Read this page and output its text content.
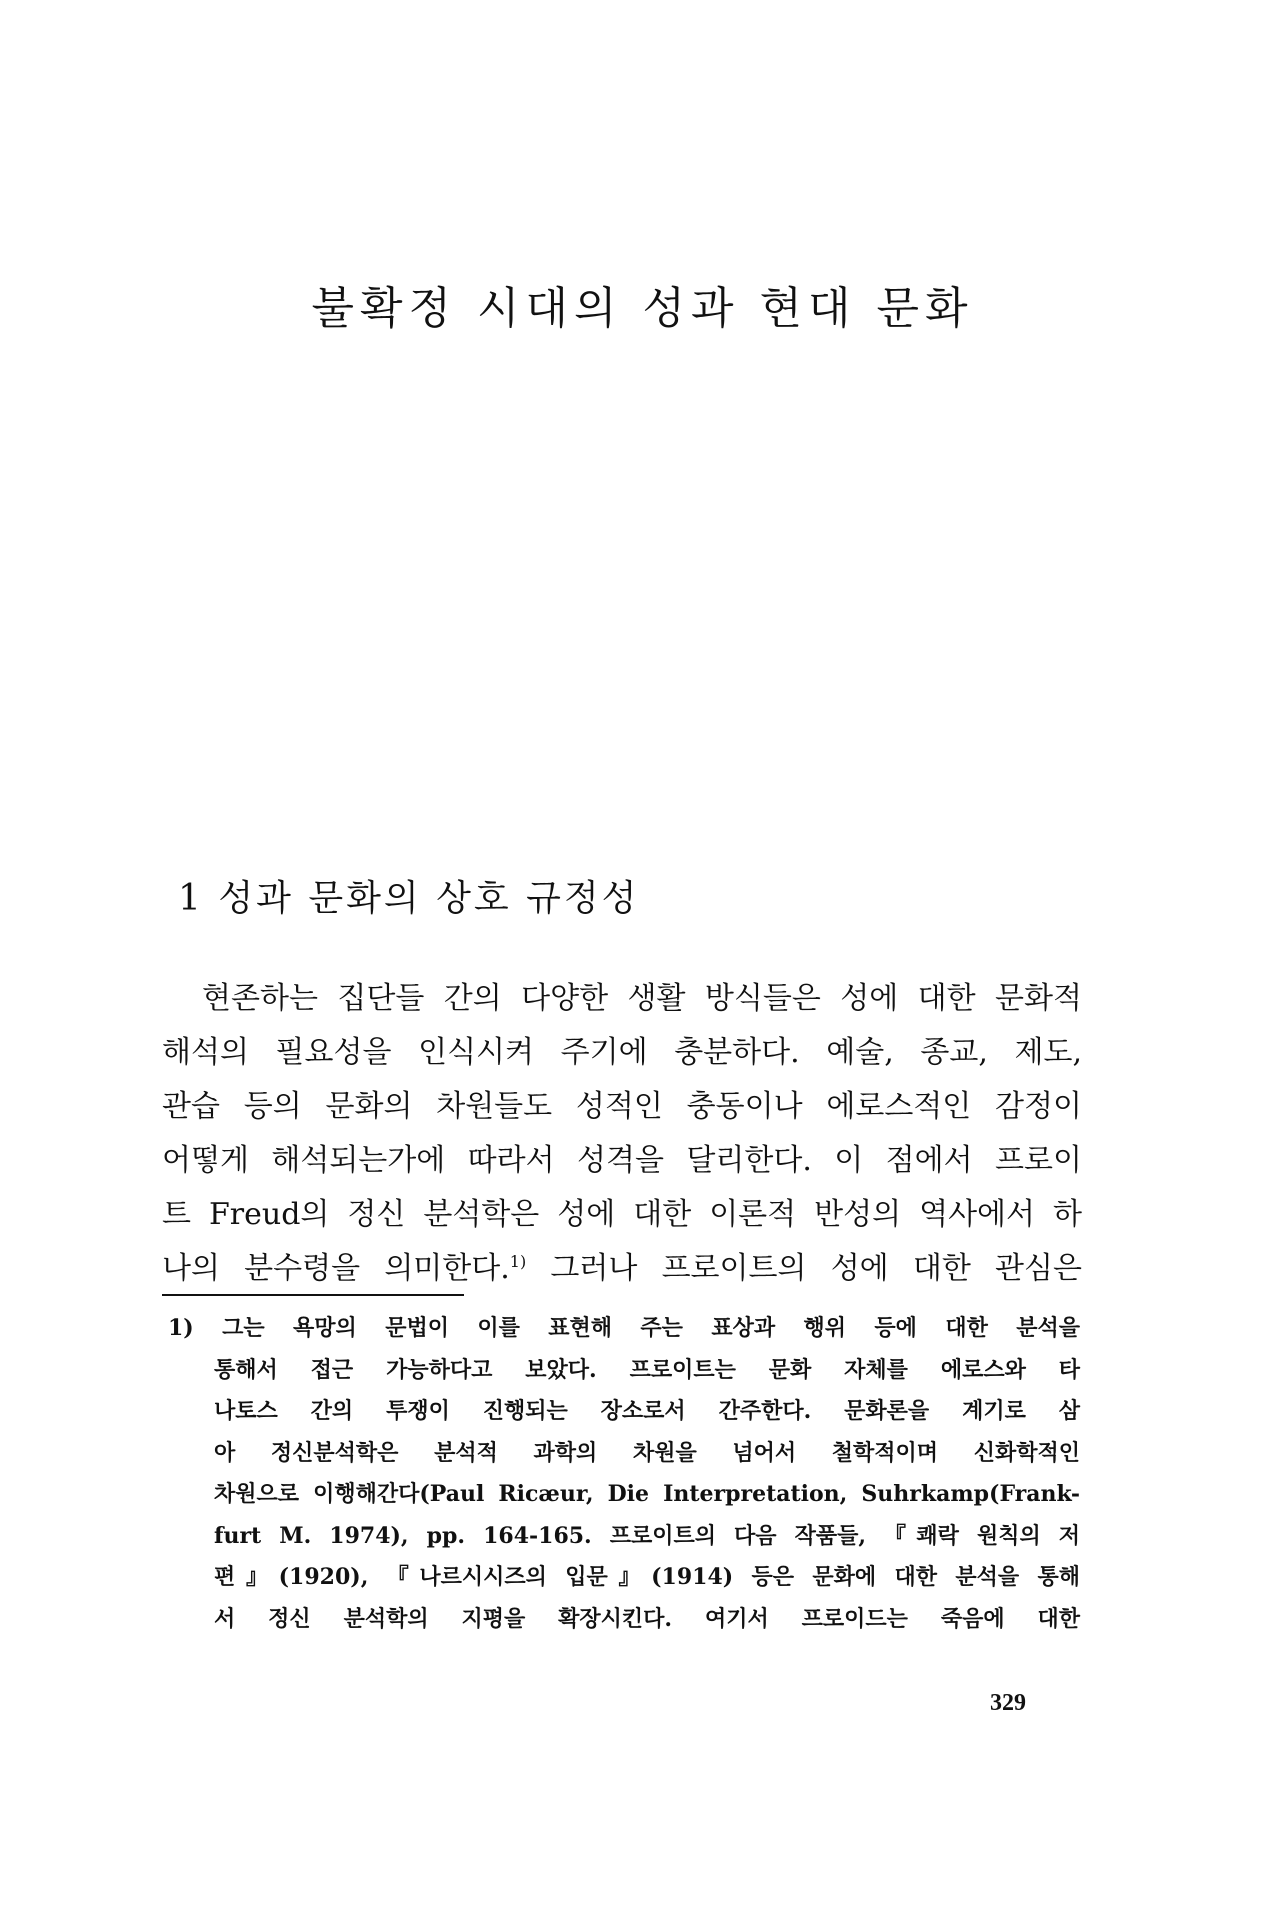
불확정 시대의 성과 현대 문화
1 성과 문화의 상호 규정성
현존하는 집단들 간의 다양한 생활 방식들은 성에 대한 문화적
해석의 필요성을 인식시켜 주기에 충분하다. 예술, 종교, 제도,
관습 등의 문화의 차원들도 성적인 충동이나 에로스적인 감정이
어떻게 해석되는가에 따라서 성격을 달리한다. 이 점에서 프로이
트 Freud의 정신 분석학은 성에 대한 이론적 반성의 역사에서 하
나의 분수령을 의미한다.$^{1)}$ 그러나 프로이트의 성에 대한 관심은
1) 그는 욕망의 문법이 이를 표현해 주는 표상과 행위 등에 대한 분석을
통해서 접근 가능하다고 보았다. 프로이트는 문화 자체를 에로스와 타
나토스 간의 투쟁이 진행되는 장소로서 간주한다. 문화론을 계기로 삼
아 정신분석학은 분석적 과학의 차원을 넘어서 철학적이며 신화학적인
차원으로 이행해간다(Paul Ricæur, Die Interpretation, Suhrkamp(Frank-
furt M. 1974), pp. 164-165. 프로이트의 다음 작품들, 『쾌락 원칙의 저
편』(1920), 『나르시시즈의 입문』(1914) 등은 문화에 대한 분석을 통해
서 정신 분석학의 지평을 확장시킨다. 여기서 프로이드는 죽음에 대한
329
